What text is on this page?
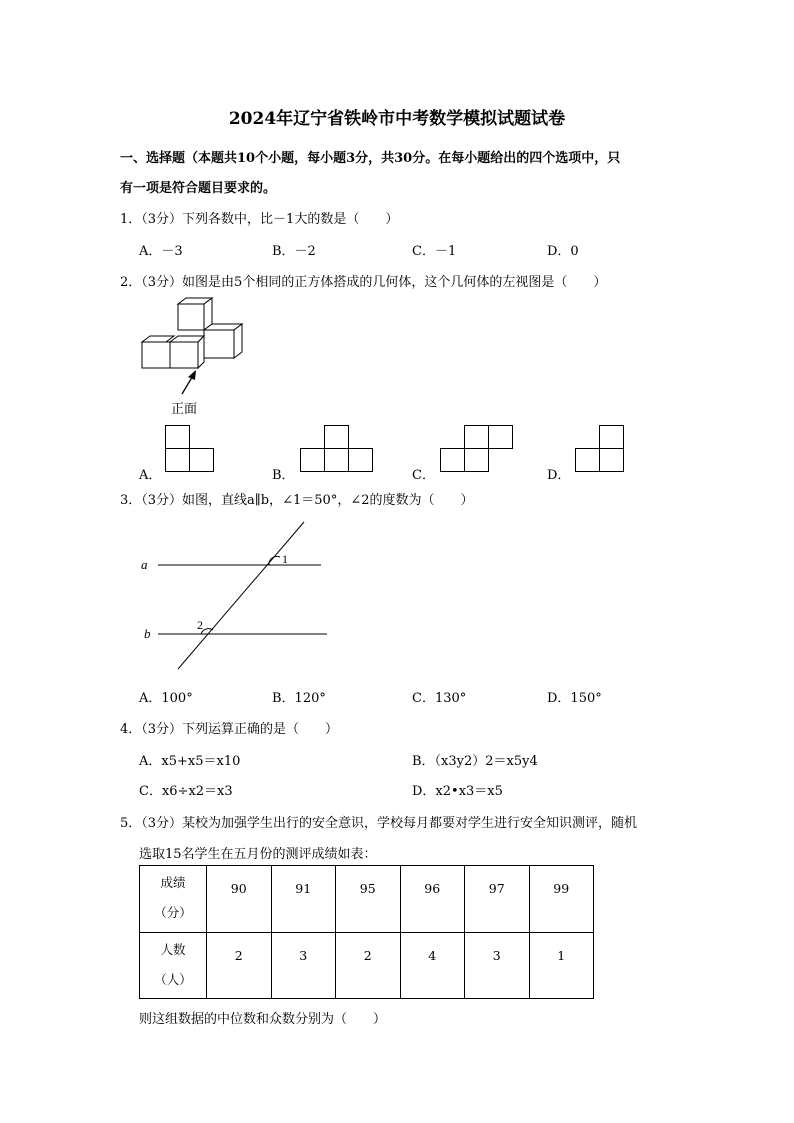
2024年辽宁省铁岭市中考数学模拟试题试卷
一、选择题（本题共10个小题，每小题3分，共30分。在每小题给出的四个选项中，只
有一项是符合题目要求的。
1．（3分）下列各数中，比－1大的数是（　　）
A．－3	B．－2	C．－1	D．0
2．（3分）如图是由5个相同的正方体搭成的几何体，这个几何体的左视图是（　　）
正面
A．	B．	C．	D．
3．（3分）如图，直线a∥b，∠1＝50°，∠2的度数为（　　）
a
b
1
2
A．100°	B．120°	C．130°	D．150°
4．（3分）下列运算正确的是（　　）
A．x5+x5＝x10	B．（x3y2）2＝x5y4
C．x6÷x2＝x3	D．x2•x3＝x5
5．（3分）某校为加强学生出行的安全意识，学校每月都要对学生进行安全知识测评，随机
选取15名学生在五月份的测评成绩如表：
成绩
（分）	90	91	95	96	97	99

人数
（人）	2	3	2	4	3	1
则这组数据的中位数和众数分别为（　　）
